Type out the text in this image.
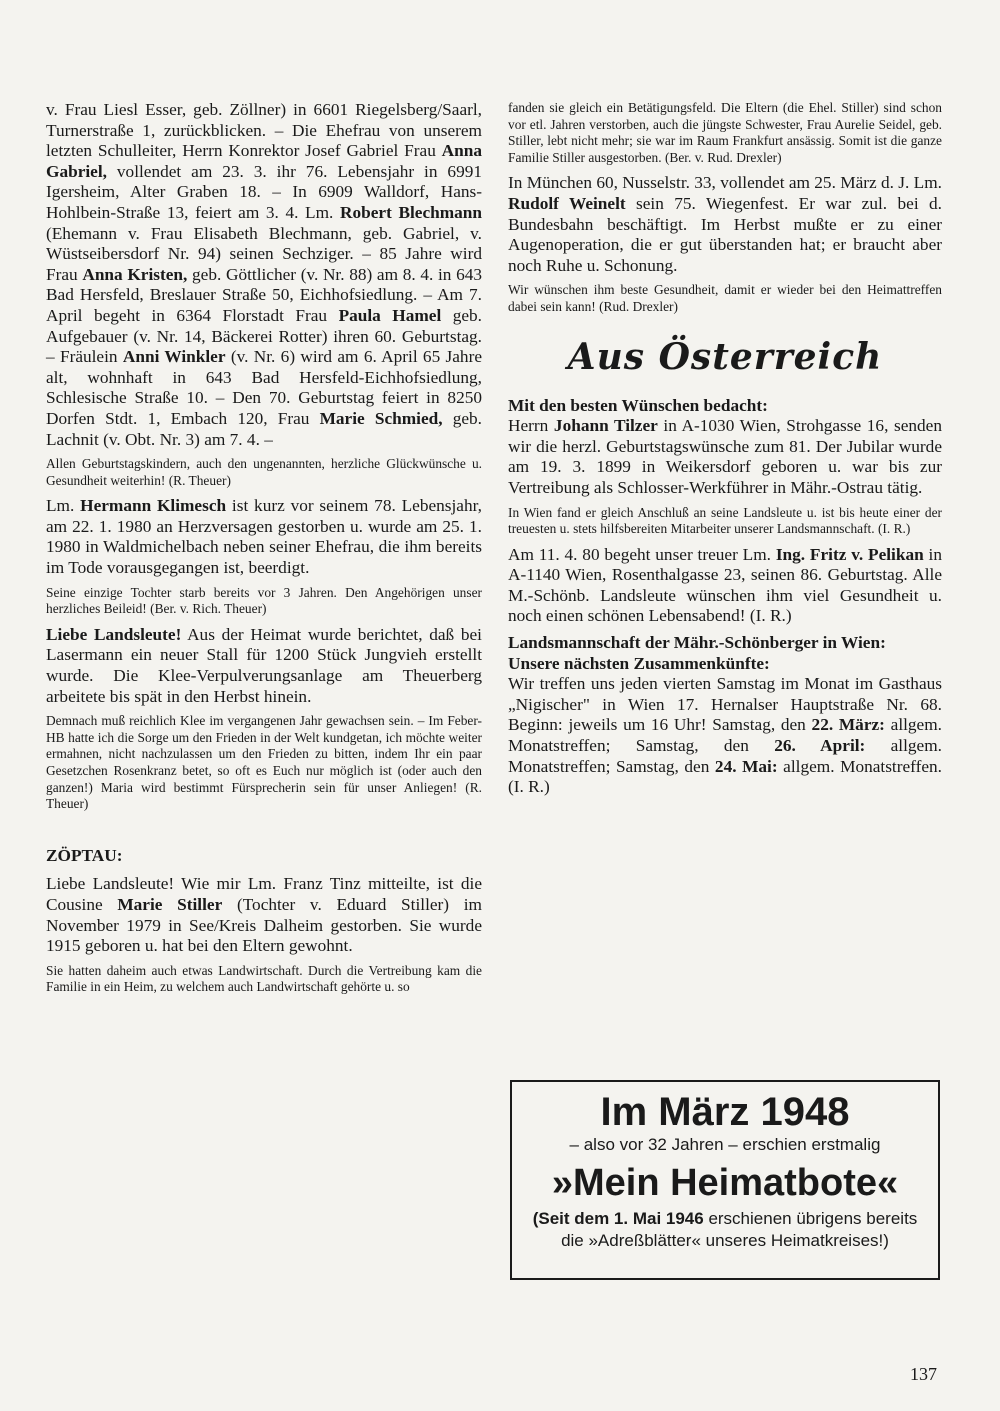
v. Frau Liesl Esser, geb. Zöllner) in 6601 Riegelsberg/Saarl, Turnerstraße 1, zurückblicken. – Die Ehefrau von unserem letzten Schulleiter, Herrn Konrektor Josef Gabriel Frau Anna Gabriel, vollendet am 23. 3. ihr 76. Lebensjahr in 6991 Igersheim, Alter Graben 18. – In 6909 Walldorf, Hans-Hohlbein-Straße 13, feiert am 3. 4. Lm. Robert Blechmann (Ehemann v. Frau Elisabeth Blechmann, geb. Gabriel, v. Wüstseibersdorf Nr. 94) seinen Sechziger. – 85 Jahre wird Frau Anna Kristen, geb. Göttlicher (v. Nr. 88) am 8. 4. in 643 Bad Hersfeld, Breslauer Straße 50, Eichhofsiedlung. – Am 7. April begeht in 6364 Florstadt Frau Paula Hamel geb. Aufgebauer (v. Nr. 14, Bäckerei Rotter) ihren 60. Geburtstag. – Fräulein Anni Winkler (v. Nr. 6) wird am 6. April 65 Jahre alt, wohnhaft in 643 Bad Hersfeld-Eichhofsiedlung, Schlesische Straße 10. – Den 70. Geburtstag feiert in 8250 Dorfen Stdt. 1, Embach 120, Frau Marie Schmied, geb. Lachnit (v. Obt. Nr. 3) am 7. 4. –

Allen Geburtstagskindern, auch den ungenannten, herzliche Glückwünsche u. Gesundheit weiterhin! (R. Theuer)

Lm. Hermann Klimesch ist kurz vor seinem 78. Lebensjahr, am 22. 1. 1980 an Herzversagen gestorben u. wurde am 25. 1. 1980 in Waldmichelbach neben seiner Ehefrau, die ihm bereits im Tode vorausgegangen ist, beerdigt.

Seine einzige Tochter starb bereits vor 3 Jahren. Den Angehörigen unser herzliches Beileid! (Ber. v. Rich. Theuer)

Liebe Landsleute! Aus der Heimat wurde berichtet, daß bei Lasermann ein neuer Stall für 1200 Stück Jungvieh erstellt wurde. Die Klee-Verpulverungsanlage am Theuerberg arbeitete bis spät in den Herbst hinein.

Demnach muß reichlich Klee im vergangenen Jahr gewachsen sein. – Im Feber-HB hatte ich die Sorge um den Frieden in der Welt kundgetan, ich möchte weiter ermahnen, nicht nachzulassen um den Frieden zu bitten, indem Ihr ein paar Gesetzchen Rosenkranz betet, so oft es Euch nur möglich ist (oder auch den ganzen!) Maria wird bestimmt Fürsprecherin sein für unser Anliegen! (R. Theuer)

ZÖPTAU:

Liebe Landsleute! Wie mir Lm. Franz Tinz mitteilte, ist die Cousine Marie Stiller (Tochter v. Eduard Stiller) im November 1979 in See/Kreis Dalheim gestorben. Sie wurde 1915 geboren u. hat bei den Eltern gewohnt.

Sie hatten daheim auch etwas Landwirtschaft. Durch die Vertreibung kam die Familie in ein Heim, zu welchem auch Landwirtschaft gehörte u. so

fanden sie gleich ein Betätigungsfeld. Die Eltern (die Ehel. Stiller) sind schon vor etl. Jahren verstorben, auch die jüngste Schwester, Frau Aurelie Seidel, geb. Stiller, lebt nicht mehr; sie war im Raum Frankfurt ansässig. Somit ist die ganze Familie Stiller ausgestorben. (Ber. v. Rud. Drexler)

In München 60, Nusselstr. 33, vollendet am 25. März d. J. Lm. Rudolf Weinelt sein 75. Wiegenfest. Er war zul. bei d. Bundesbahn beschäftigt. Im Herbst mußte er zu einer Augenoperation, die er gut überstanden hat; er braucht aber noch Ruhe u. Schonung.

Wir wünschen ihm beste Gesundheit, damit er wieder bei den Heimattreffen dabei sein kann! (Rud. Drexler)

Aus Österreich

Mit den besten Wünschen bedacht:

Herrn Johann Tilzer in A-1030 Wien, Strohgasse 16, senden wir die herzl. Geburtstagswünsche zum 81. Der Jubilar wurde am 19. 3. 1899 in Weikersdorf geboren u. war bis zur Vertreibung als Schlosser-Werkführer in Mähr.-Ostrau tätig.

In Wien fand er gleich Anschluß an seine Landsleute u. ist bis heute einer der treuesten u. stets hilfsbereiten Mitarbeiter unserer Landsmannschaft. (I. R.)

Am 11. 4. 80 begeht unser treuer Lm. Ing. Fritz v. Pelikan in A-1140 Wien, Rosenthalgasse 23, seinen 86. Geburtstag. Alle M.-Schönb. Landsleute wünschen ihm viel Gesundheit u. noch einen schönen Lebensabend! (I. R.)

Landsmannschaft der Mähr.-Schönberger in Wien:

Unsere nächsten Zusammenkünfte:

Wir treffen uns jeden vierten Samstag im Monat im Gasthaus „Nigischer" in Wien 17. Hernalser Hauptstraße Nr. 68. Beginn: jeweils um 16 Uhr! Samstag, den 22. März: allgem. Monatstreffen; Samstag, den 26. April: allgem. Monatstreffen; Samstag, den 24. Mai: allgem. Monatstreffen. (I. R.)

Im März 1948
– also vor 32 Jahren – erschien erstmalig
»Mein Heimatbote«
(Seit dem 1. Mai 1946 erschienen übrigens bereits die »Adreßblätter« unseres Heimatkreises!)
137
